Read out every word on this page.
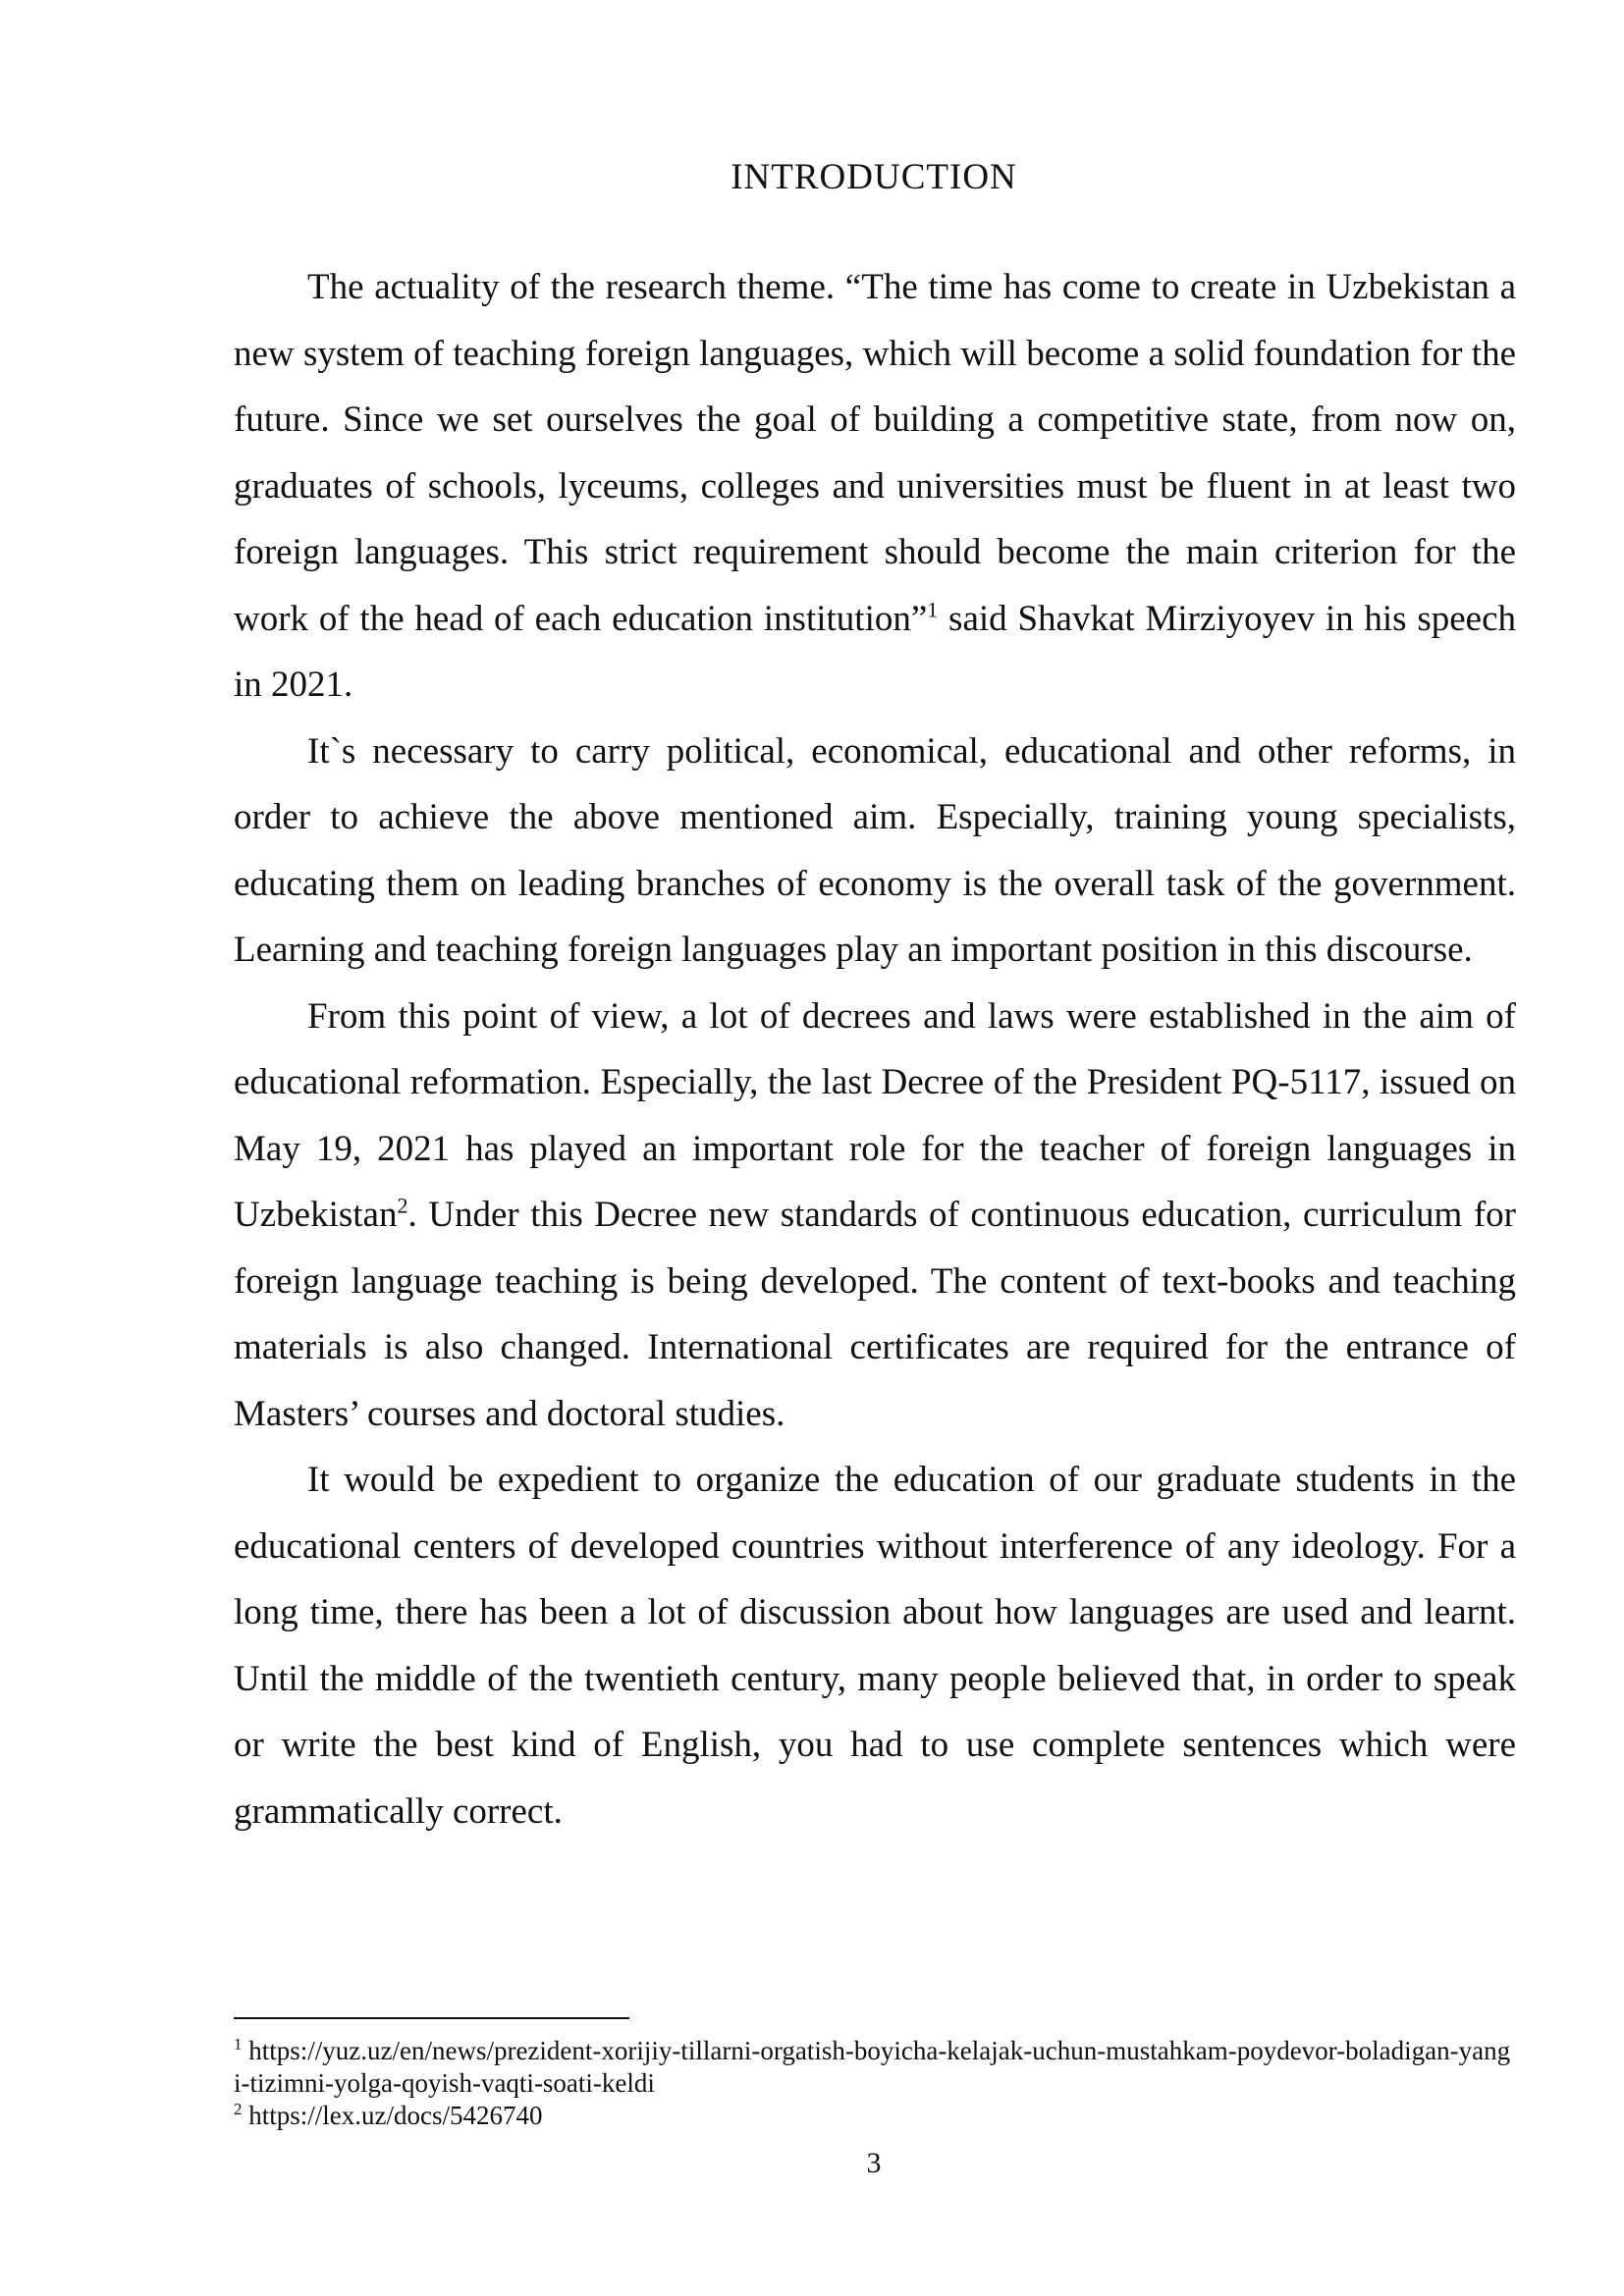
INTRODUCTION

The actuality of the research theme. “The time has come to create in Uzbekistan a new system of teaching foreign languages, which will become a solid foundation for the future. Since we set ourselves the goal of building a competitive state, from now on, graduates of schools, lyceums, colleges and universities must be fluent in at least two foreign languages. This strict requirement should become the main criterion for the work of the head of each education institution”$^1$ said Shavkat Mirziyoyev in his speech in 2021.

It`s necessary to carry political, economical, educational and other reforms, in order to achieve the above mentioned aim. Especially, training young specialists, educating them on leading branches of economy is the overall task of the government. Learning and teaching foreign languages play an important position in this discourse.

From this point of view, a lot of decrees and laws were established in the aim of educational reformation. Especially, the last Decree of the President PQ-5117, issued on May 19, 2021 has played an important role for the teacher of foreign languages in Uzbekistan$^2$. Under this Decree new standards of continuous education, curriculum for foreign language teaching is being developed. The content of text-books and teaching materials is also changed. International certificates are required for the entrance of Masters’ courses and doctoral studies.

It would be expedient to organize the education of our graduate students in the educational centers of developed countries without interference of any ideology. For a long time, there has been a lot of discussion about how languages are used and learnt. Until the middle of the twentieth century, many people believed that, in order to speak or write the best kind of English, you had to use complete sentences which were grammatically correct.

$^1$ https://yuz.uz/en/news/prezident-xorijiy-tillarni-orgatish-boyicha-kelajak-uchun-mustahkam-poydevor-boladigan-yangi-tizimni-yolga-qoyish-vaqti-soati-keldi

$^2$ https://lex.uz/docs/5426740

3
